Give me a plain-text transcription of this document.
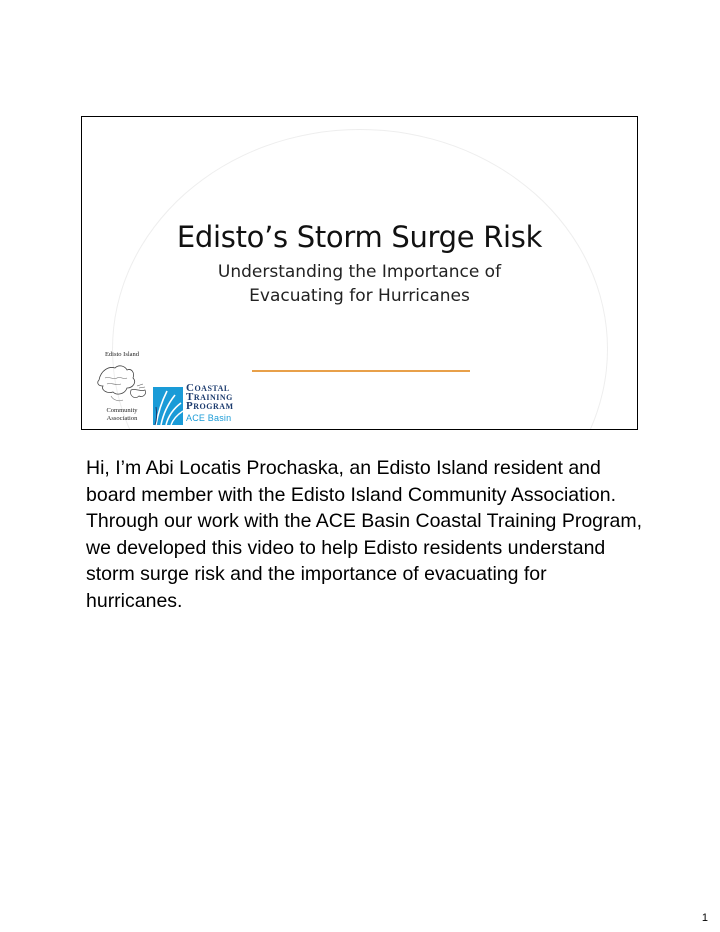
Edisto’s Storm Surge Risk
Understanding the Importance of
Evacuating for Hurricanes
Edisto Island
Community
Association
COASTAL
TRAINING
PROGRAM
ACE Basin
Hi, I’m Abi Locatis Prochaska, an Edisto Island resident and board member with the Edisto Island Community Association. Through our work with the ACE Basin Coastal Training Program, we developed this video to help Edisto residents understand storm surge risk and the importance of evacuating for hurricanes.
1
